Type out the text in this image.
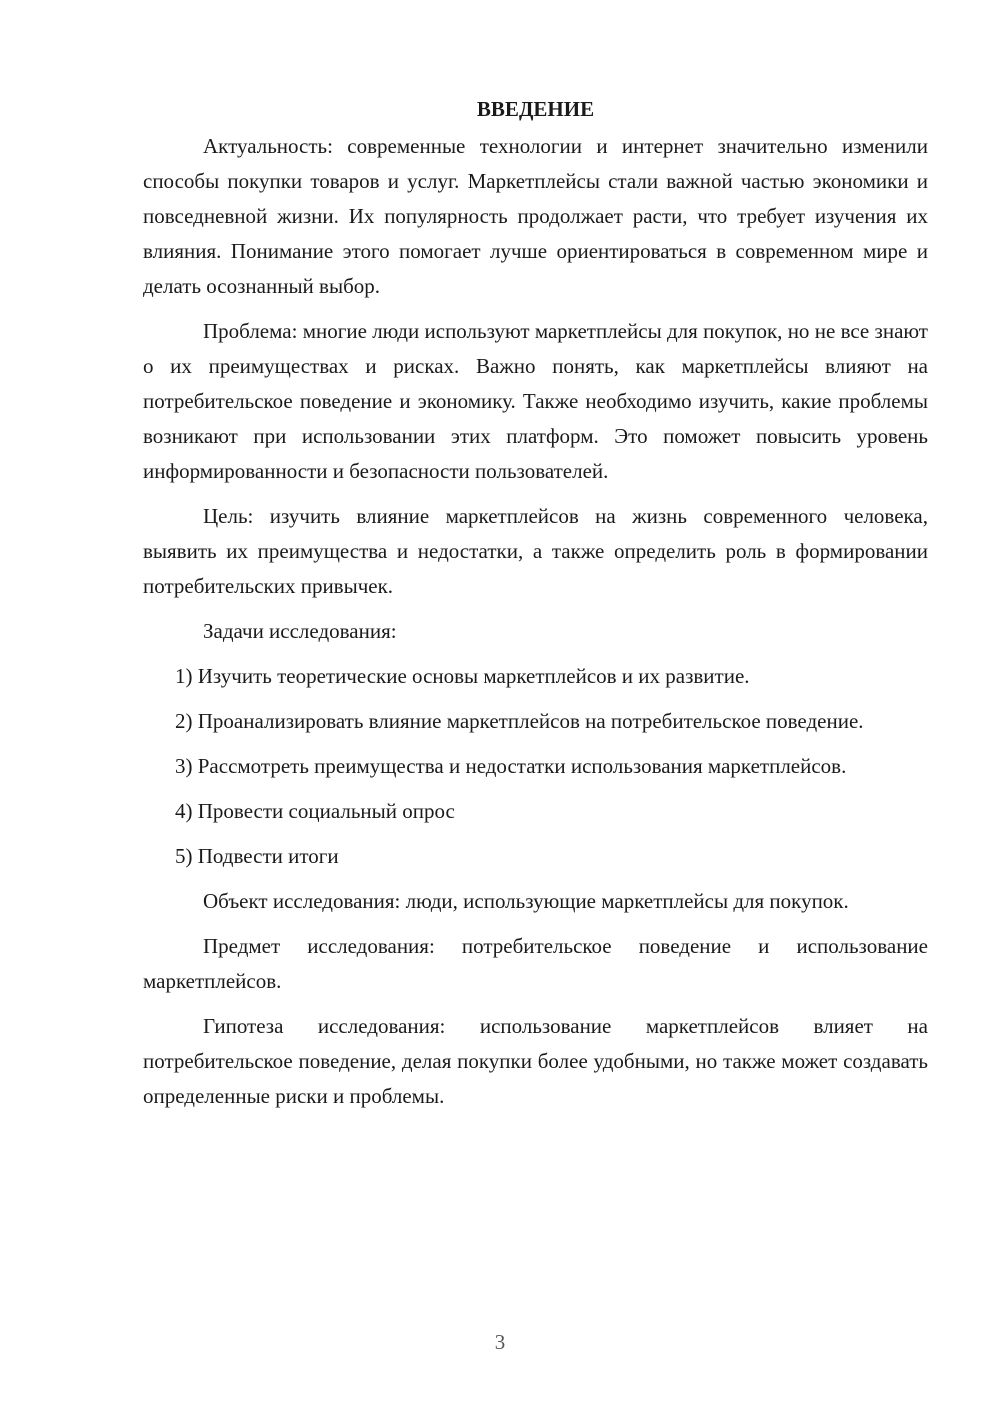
ВВЕДЕНИЕ

Актуальность: современные технологии и интернет значительно изменили способы покупки товаров и услуг. Маркетплейсы стали важной частью экономики и повседневной жизни. Их популярность продолжает расти, что требует изучения их влияния. Понимание этого помогает лучше ориентироваться в современном мире и делать осознанный выбор.

Проблема: многие люди используют маркетплейсы для покупок, но не все знают о их преимуществах и рисках. Важно понять, как маркетплейсы влияют на потребительское поведение и экономику. Также необходимо изучить, какие проблемы возникают при использовании этих платформ. Это поможет повысить уровень информированности и безопасности пользователей.

Цель: изучить влияние маркетплейсов на жизнь современного человека, выявить их преимущества и недостатки, а также определить роль в формировании потребительских привычек.

Задачи исследования:

1) Изучить теоретические основы маркетплейсов и их развитие.

2) Проанализировать влияние маркетплейсов на потребительское поведение.

3) Рассмотреть преимущества и недостатки использования маркетплейсов.

4) Провести социальный опрос

5) Подвести итоги

Объект исследования: люди, использующие маркетплейсы для покупок.

Предмет исследования: потребительское поведение и использование маркетплейсов.

Гипотеза исследования: использование маркетплейсов влияет на потребительское поведение, делая покупки более удобными, но также может создавать определенные риски и проблемы.

3
